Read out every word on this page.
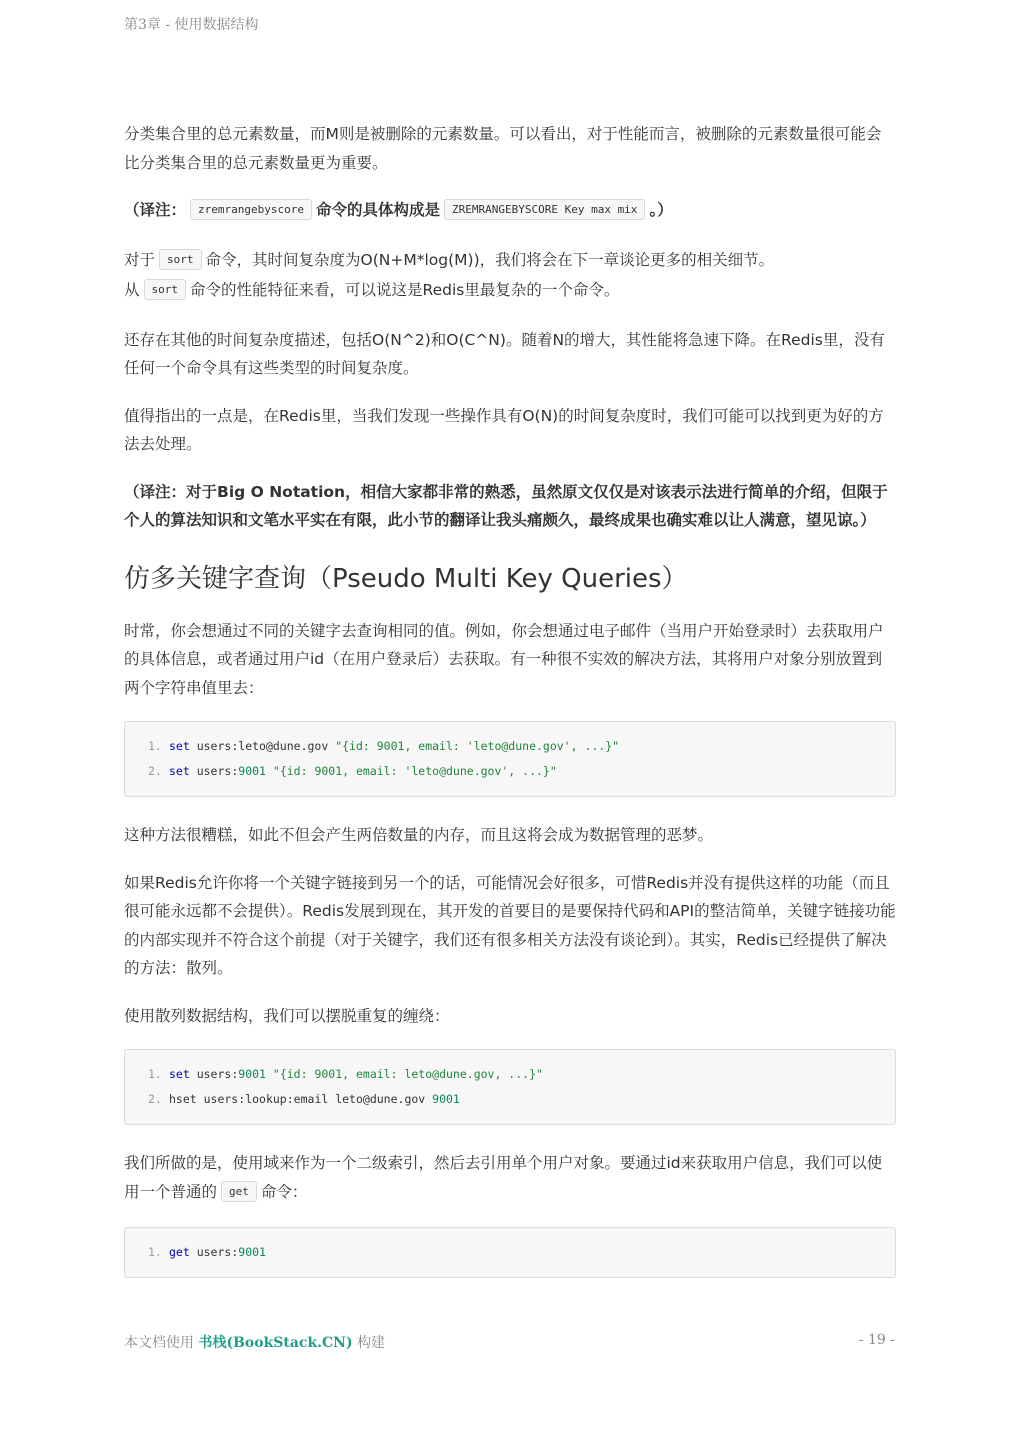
第3章 - 使用数据结构

分类集合里的总元素数量，而M则是被删除的元素数量。可以看出，对于性能而言，被删除的元素数量很可能会比分类集合里的总元素数量更为重要。

（译注： zremrangebyscore 命令的具体构成是 ZREMRANGEBYSCORE Key max mix 。）

对于 sort 命令，其时间复杂度为O(N+M*log(M))，我们将会在下一章谈论更多的相关细节。
从 sort 命令的性能特征来看，可以说这是Redis里最复杂的一个命令。

还存在其他的时间复杂度描述，包括O(N^2)和O(C^N)。随着N的增大，其性能将急速下降。在Redis里，没有任何一个命令具有这些类型的时间复杂度。

值得指出的一点是，在Redis里，当我们发现一些操作具有O(N)的时间复杂度时，我们可能可以找到更为好的方法去处理。

（译注：对于Big O Notation，相信大家都非常的熟悉，虽然原文仅仅是对该表示法进行简单的介绍，但限于个人的算法知识和文笔水平实在有限，此小节的翻译让我头痛颇久，最终成果也确实难以让人满意，望见谅。）

仿多关键字查询（Pseudo Multi Key Queries）

时常，你会想通过不同的关键字去查询相同的值。例如，你会想通过电子邮件（当用户开始登录时）去获取用户的具体信息，或者通过用户id（在用户登录后）去获取。有一种很不实效的解决方法，其将用户对象分别放置到两个字符串值里去：

1. set users:leto@dune.gov "{id: 9001, email: 'leto@dune.gov', ...}"
2. set users:9001 "{id: 9001, email: 'leto@dune.gov', ...}"

这种方法很糟糕，如此不但会产生两倍数量的内存，而且这将会成为数据管理的恶梦。

如果Redis允许你将一个关键字链接到另一个的话，可能情况会好很多，可惜Redis并没有提供这样的功能（而且很可能永远都不会提供）。Redis发展到现在，其开发的首要目的是要保持代码和API的整洁简单，关键字链接功能的内部实现并不符合这个前提（对于关键字，我们还有很多相关方法没有谈论到）。其实，Redis已经提供了解决的方法：散列。

使用散列数据结构，我们可以摆脱重复的缠绕：

1. set users:9001 "{id: 9001, email: leto@dune.gov, ...}"
2. hset users:lookup:email leto@dune.gov 9001

我们所做的是，使用域来作为一个二级索引，然后去引用单个用户对象。要通过id来获取用户信息，我们可以使用一个普通的 get 命令：

1. get users:9001
本文档使用 书栈(BookStack.CN) 构建	- 19 -
